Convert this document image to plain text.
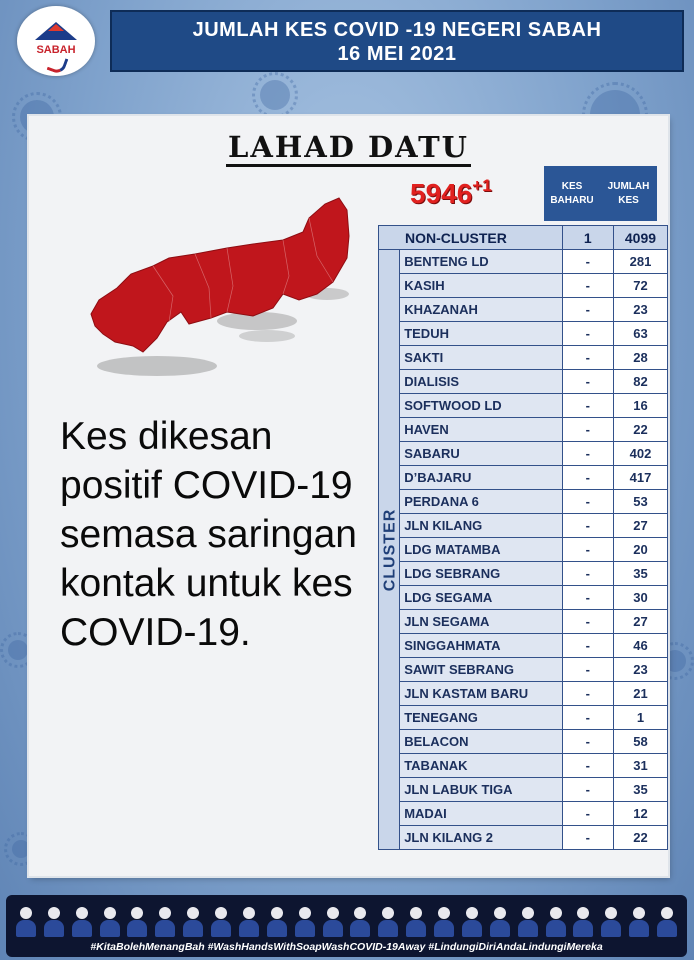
SABAH
JUMLAH KES COVID -19 NEGERI SABAH
16 MEI 2021
LAHAD DATU
$5946^{+1}$	KES BAHARU
JUMLAH KES
NON-CLUSTER		1	4099
	BENTENG LD	-	281
	KASIH	-	72
	KHAZANAH	-	23
	TEDUH	-	63
	SAKTI	-	28
	DIALISIS	-	82
	SOFTWOOD LD	-	16
	HAVEN	-	22
	SABARU	-	402
	D’BAJARU	-	417
	PERDANA 6	-	53
	JLN KILANG	-	27
	LDG MATAMBA	-	20
	LDG SEBRANG	-	35
	LDG SEGAMA	-	30
	JLN SEGAMA	-	27
	SINGGAHMATA	-	46
	SAWIT SEBRANG	-	23
	JLN KASTAM BARU	-	21
	TENEGANG	-	1
	BELACON	-	58
	TABANAK	-	31
	JLN LABUK TIGA	-	35
	MADAI	-	12
	JLN KILANG 2	-	22
CLUSTER
Kes dikesan positif COVID-19 semasa saringan kontak untuk kes COVID-19.
#KitaBolehMenangBah #WashHandsWithSoapWashCOVID-19Away #LindungiDiriAndaLindungiMereka
